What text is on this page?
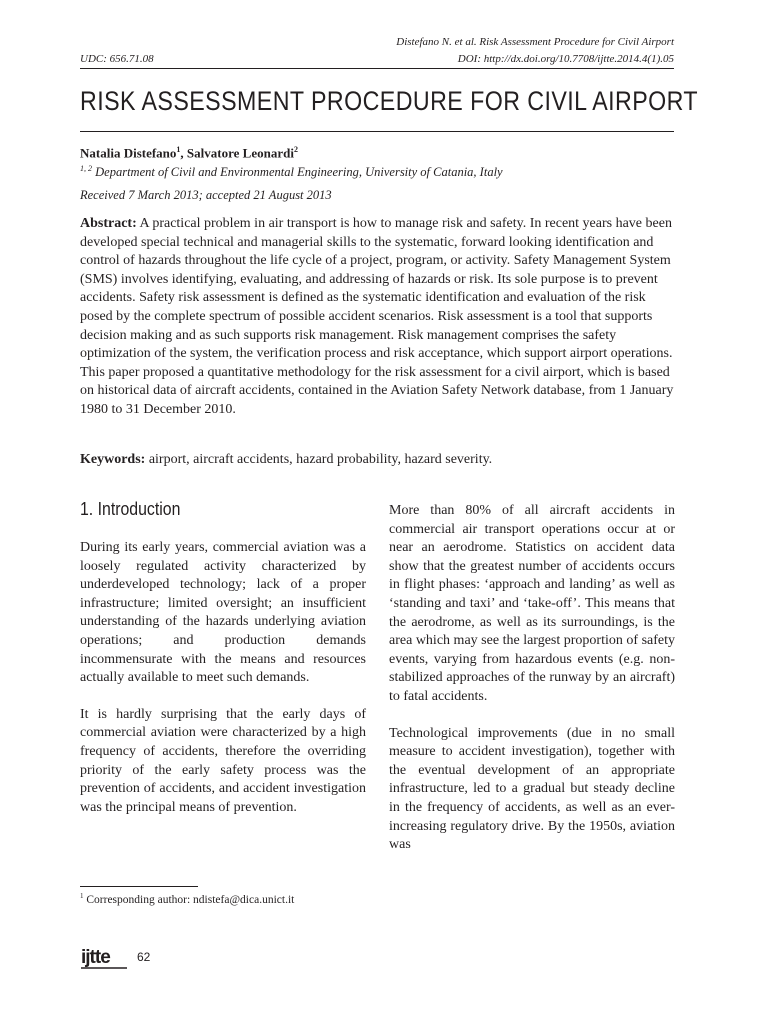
Distefano N. et al. Risk Assessment Procedure for Civil Airport
UDC: 656.71.08	DOI: http://dx.doi.org/10.7708/ijtte.2014.4(1).05
RISK ASSESSMENT PROCEDURE FOR CIVIL AIRPORT
Natalia Distefano$^1$, Salvatore Leonardi$^2$
$^{1, 2}$ Department of Civil and Environmental Engineering, University of Catania, Italy
Received 7 March 2013; accepted 21 August 2013

Abstract: A practical problem in air transport is how to manage risk and safety. In recent years have been developed special technical and managerial skills to the systematic, forward looking identification and control of hazards throughout the life cycle of a project, program, or activity. Safety Management System (SMS) involves identifying, evaluating, and addressing of hazards or risk. Its sole purpose is to prevent accidents. Safety risk assessment is defined as the systematic identification and evaluation of the risk posed by the complete spectrum of possible accident scenarios. Risk assessment is a tool that supports decision making and as such supports risk management. Risk management comprises the safety optimization of the system, the verification process and risk acceptance, which support airport operations. This paper proposed a quantitative methodology for the risk assessment for a civil airport, which is based on historical data of aircraft accidents, contained in the Aviation Safety Network database, from 1 January 1980 to 31 December 2010.

Keywords: airport, aircraft accidents, hazard probability, hazard severity.

1. Introduction

During its early years, commercial aviation was a loosely regulated activity characterized by underdeveloped technology; lack of a proper infrastructure; limited oversight; an insufficient understanding of the hazards underlying aviation operations; and production demands incommensurate with the means and resources actually available to meet such demands.

It is hardly surprising that the early days of commercial aviation were characterized by a high frequency of accidents, therefore the overriding priority of the early safety process was the prevention of accidents, and accident investigation was the principal means of prevention.

More than 80% of all aircraft accidents in commercial air transport operations occur at or near an aerodrome. Statistics on accident data show that the greatest number of accidents occurs in flight phases: ‘approach and landing’ as well as ‘standing and taxi’ and ‘take-off’. This means that the aerodrome, as well as its surroundings, is the area which may see the largest proportion of safety events, varying from hazardous events (e.g. non-stabilized approaches of the runway by an aircraft) to fatal accidents.

Technological improvements (due in no small measure to accident investigation), together with the eventual development of an appropriate infrastructure, led to a gradual but steady decline in the frequency of accidents, as well as an ever-increasing regulatory drive. By the 1950s, aviation was

$^1$ Corresponding author: ndistefa@dica.unict.it
ijtte 62
